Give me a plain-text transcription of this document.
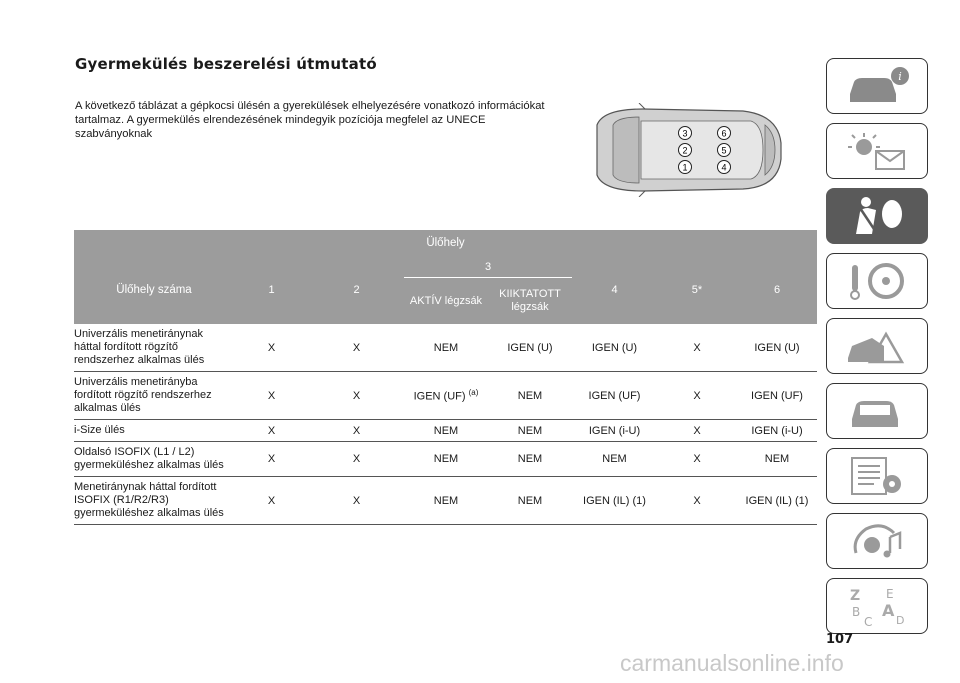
Gyermekülés beszerelési útmutató
A következő táblázat a gépkocsi ülésén a gyerekülések elhelyezésére vonatkozó információkat tartalmaz. A gyermekülés elrendezésének mindegyik pozíciója megfelel az UNECE szabványoknak	3	6
2	5
1	4
Ülőhely							
Ülőhely száma	1	2	3		4	5*	6
			AKTÍV légzsák	KIIKTATOTT légzsák			
Univerzális menetiránynak háttal fordított rögzítő rendszerhez alkalmas ülés	X	X	NEM	IGEN (U)	IGEN (U)	X	IGEN (U)
Univerzális menetirányba fordított rögzítő rendszerhez alkalmas ülés	X	X	IGEN (UF) $^{(a)}$	NEM	IGEN (UF)	X	IGEN (UF)
i-Size ülés	X	X	NEM	NEM	IGEN (i-U)	X	IGEN (i-U)
Oldalsó ISOFIX (L1 / L2) gyermeküléshez alkalmas ülés	X	X	NEM	NEM	NEM	X	NEM
Menetiránynak háttal fordított ISOFIX (R1/R2/R3) gyermeküléshez alkalmas ülés	X	X	NEM	NEM	IGEN (IL) (1)	X	IGEN (IL) (1)
i
Z E
B A
C D
107
carmanualsonline.info
